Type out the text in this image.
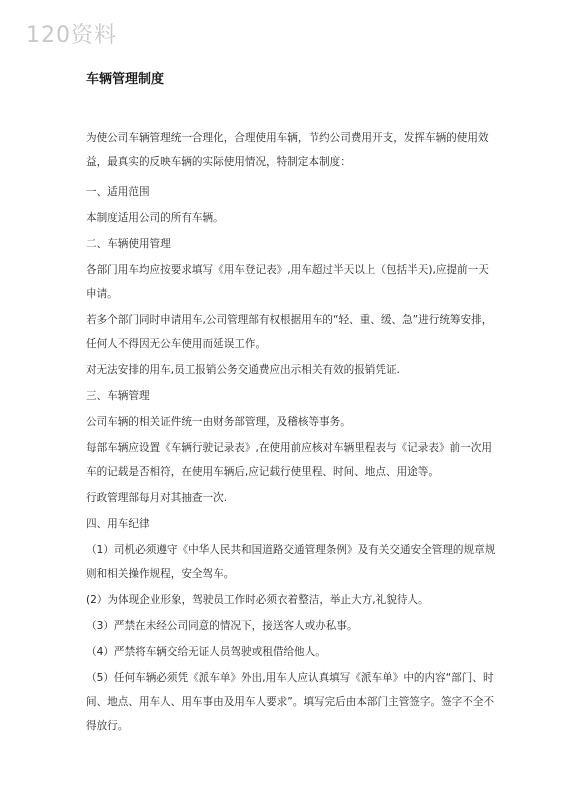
120资料
车辆管理制度
为使公司车辆管理统一合理化，合理使用车辆，节约公司费用开支，发挥车辆的使用效益，最真实的反映车辆的实际使用情况，特制定本制度：
一、适用范围
本制度适用公司的所有车辆。
二、车辆使用管理
各部门用车均应按要求填写《用车登记表》,用车超过半天以上（包括半天),应提前一天申请。
若多个部门同时申请用车,公司管理部有权根据用车的“轻、重、缓、急”进行统筹安排，任何人不得因无公车使用而延误工作。
对无法安排的用车,员工报销公务交通费应出示相关有效的报销凭证.
三、车辆管理
公司车辆的相关证件统一由财务部管理，及稽核等事务。
每部车辆应设置《车辆行驶记录表》,在使用前应核对车辆里程表与《记录表》前一次用车的记载是否相符，在使用车辆后,应记载行使里程、时间、地点、用途等。
行政管理部每月对其抽查一次.
四、用车纪律
（1）司机必须遵守《中华人民共和国道路交通管理条例》及有关交通安全管理的规章规则和相关操作规程，安全驾车。
(2）为体现企业形象，驾驶员工作时必须衣着整洁，举止大方,礼貌待人。
（3）严禁在未经公司同意的情况下，接送客人或办私事。
（4）严禁将车辆交给无证人员驾驶或租借给他人。
（5）任何车辆必须凭《派车单》外出,用车人应认真填写《派车单》中的内容“部门、时间、地点、用车人、用车事由及用车人要求”。填写完后由本部门主管签字。签字不全不得放行。
